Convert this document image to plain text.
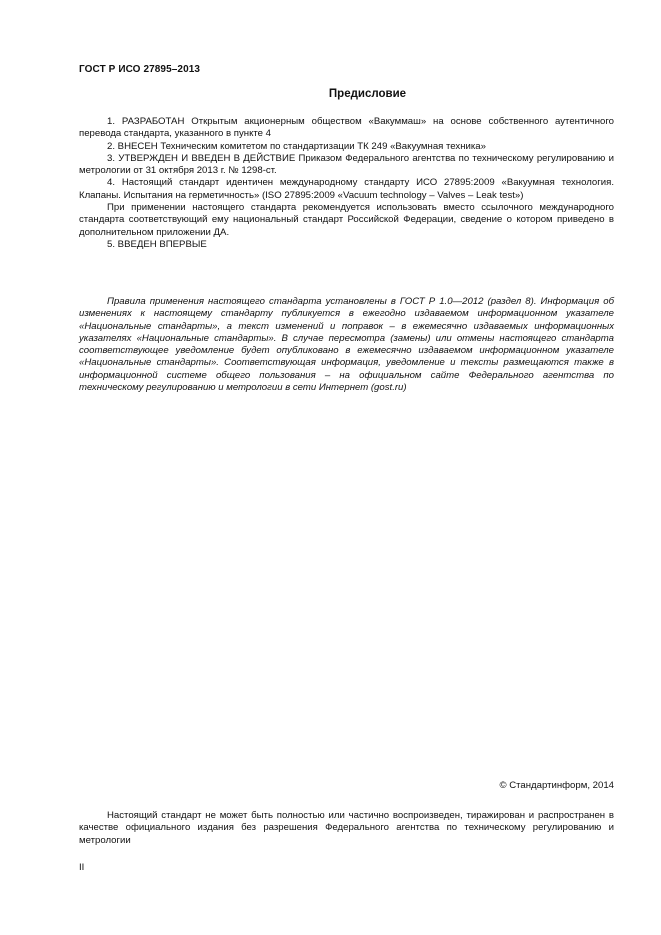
ГОСТ Р ИСО 27895–2013
Предисловие

1. РАЗРАБОТАН Открытым акционерным обществом «Вакуммаш» на основе собственного аутентичного перевода стандарта, указанного в пункте 4

2. ВНЕСЕН Техническим комитетом по стандартизации ТК 249 «Вакуумная техника»

3. УТВЕРЖДЕН И ВВЕДЕН В ДЕЙСТВИЕ Приказом Федерального агентства по техническому регулированию и метрологии от 31 октября 2013 г. № 1298-ст.

4. Настоящий стандарт идентичен международному стандарту ИСО 27895:2009 «Вакуумная технология. Клапаны. Испытания на герметичность» (ISO 27895:2009 «Vacuum technology – Valves – Leak test»)

При применении настоящего стандарта рекомендуется использовать вместо ссылочного международного стандарта соответствующий ему национальный стандарт Российской Федерации, сведение о котором приведено в дополнительном приложении ДА.

5. ВВЕДЕН ВПЕРВЫЕ

Правила применения настоящего стандарта установлены в ГОСТ Р 1.0—2012 (раздел 8). Информация об изменениях к настоящему стандарту публикуется в ежегодно издаваемом информационном указателе «Национальные стандарты», а текст изменений и поправок – в ежемесячно издаваемых информационных указателях «Национальные стандарты». В случае пересмотра (замены) или отмены настоящего стандарта соответствующее уведомление будет опубликовано в ежемесячно издаваемом информационном указателе «Национальные стандарты». Соответствующая информация, уведомление и тексты размещаются также в информационной системе общего пользования – на официальном сайте Федерального агентства по техническому регулированию и метрологии в сети Интернет (gost.ru)

© Стандартинформ, 2014

Настоящий стандарт не может быть полностью или частично воспроизведен, тиражирован и распространен в качестве официального издания без разрешения Федерального агентства по техническому регулированию и метрологии

II
